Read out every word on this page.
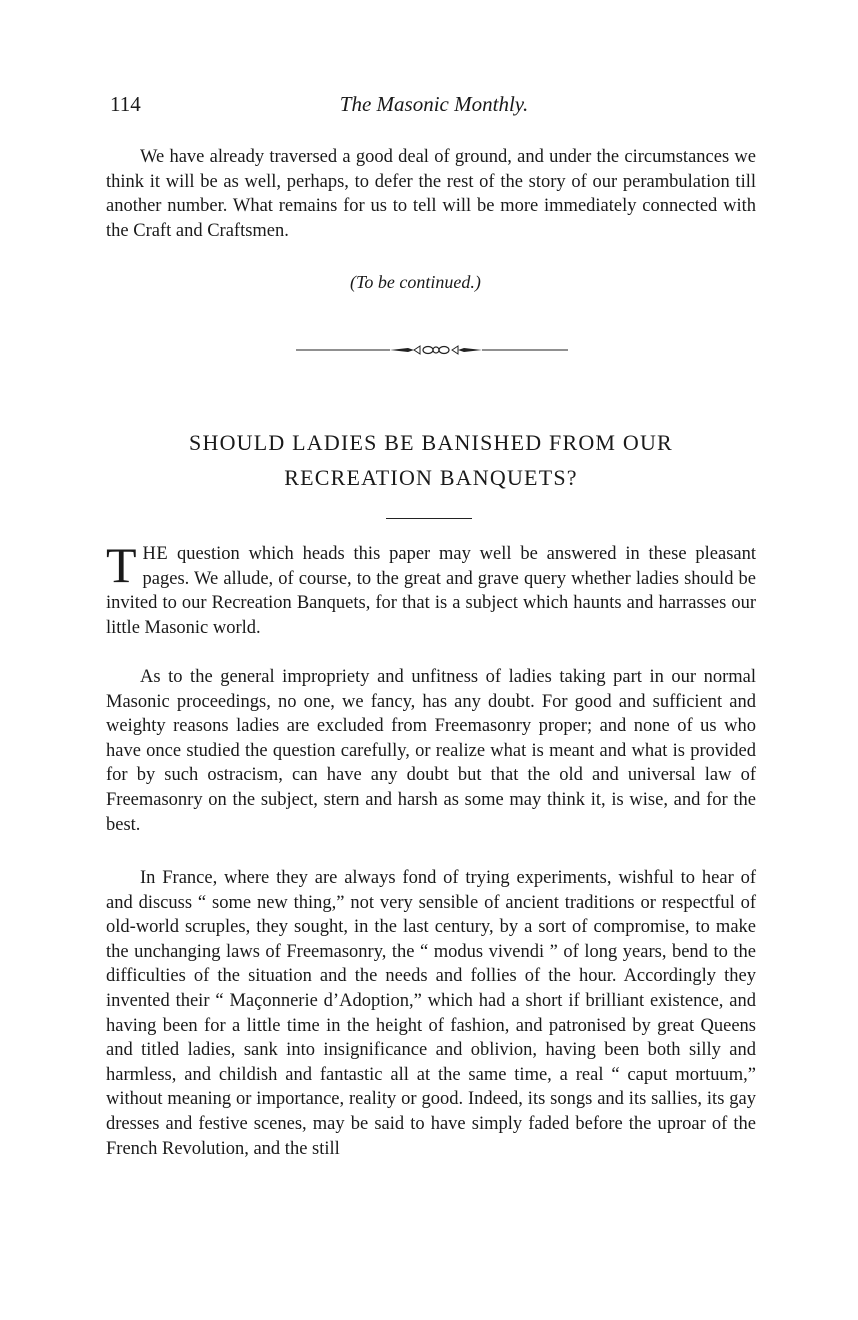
114	The Masonic Monthly.

We have already traversed a good deal of ground, and under the circumstances we think it will be as well, perhaps, to defer the rest of the story of our perambulation till another number. What remains for us to tell will be more immediately connected with the Craft and Craftsmen.

(To be continued.)
SHOULD LADIES BE BANISHED FROM OUR
RECREATION BANQUETS?

THE question which heads this paper may well be answered in these pleasant pages. We allude, of course, to the great and grave query whether ladies should be invited to our Recreation Banquets, for that is a subject which haunts and harrasses our little Masonic world.

As to the general impropriety and unfitness of ladies taking part in our normal Masonic proceedings, no one, we fancy, has any doubt. For good and sufficient and weighty reasons ladies are excluded from Freemasonry proper; and none of us who have once studied the question carefully, or realize what is meant and what is provided for by such ostracism, can have any doubt but that the old and universal law of Freemasonry on the subject, stern and harsh as some may think it, is wise, and for the best.

In France, where they are always fond of trying experiments, wishful to hear of and discuss “ some new thing,” not very sensible of ancient traditions or respectful of old-world scruples, they sought, in the last century, by a sort of compromise, to make the unchanging laws of Freemasonry, the “ modus vivendi ” of long years, bend to the difficulties of the situation and the needs and follies of the hour. Accordingly they invented their “ Maçonnerie d’Adoption,” which had a short if brilliant existence, and having been for a little time in the height of fashion, and patronised by great Queens and titled ladies, sank into insignificance and oblivion, having been both silly and harmless, and childish and fantastic all at the same time, a real “ caput mortuum,” without meaning or importance, reality or good. Indeed, its songs and its sallies, its gay dresses and festive scenes, may be said to have simply faded before the uproar of the French Revolution, and the still
